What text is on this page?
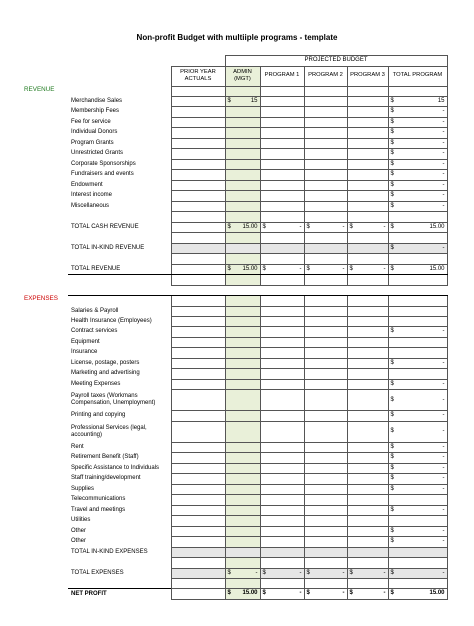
Non-profit Budget with multiiple programs - template
REVENUE
EXPENSES
		PROJECTED BUDGET				
	PRIOR YEAR ACTUALS	ADMIN (MGT)	PROGRAM 1	PROGRAM 2	PROGRAM 3	TOTAL PROGRAM

Merchandise Sales		$ 15				$ 15

Membership Fees						$ -

Fee for service						$ -

Individual Donors						$ -

Program Grants						$ -

Unrestricted Grants						$ -

Corporate Sponsorships						$ -

Fundraisers and events						$ -

Endowment						$ -

Interest income						$ -

Miscellaneous						$ -

TOTAL CASH REVENUE		$ 15.00	$ -	$ -	$ -	$ 15.00

TOTAL IN-KIND REVENUE						$ -

TOTAL REVENUE		$ 15.00	$ -	$ -	$ -	$ 15.00

Salaries & Payroll						
Health Insurance (Employees)						
Contract services						$ -

Equipment						
Insurance						
License, postage, posters						$ -

Marketing and advertising						
Meeting Expenses						$ -

Payroll taxes (Workmans Compensation, Unemployment)						$ -

Printing and copying						$ -

Professional Services (legal, accounting)						$ -

Rent						$ -

Retirement Benefit (Staff)						$ -

Specific Assistance to Individuals						$ -

Staff training/development						$ -

Supplies						$ -

Telecommunications						
Travel and meetings						$ -

Utilities						
Other						$ -

Other						$ -

TOTAL IN-KIND EXPENSES						

TOTAL EXPENSES		$ -	$ -	$ -	$ -	$ -

NET PROFIT		$ 15.00	$ -	$ -	$ -	$ 15.00
